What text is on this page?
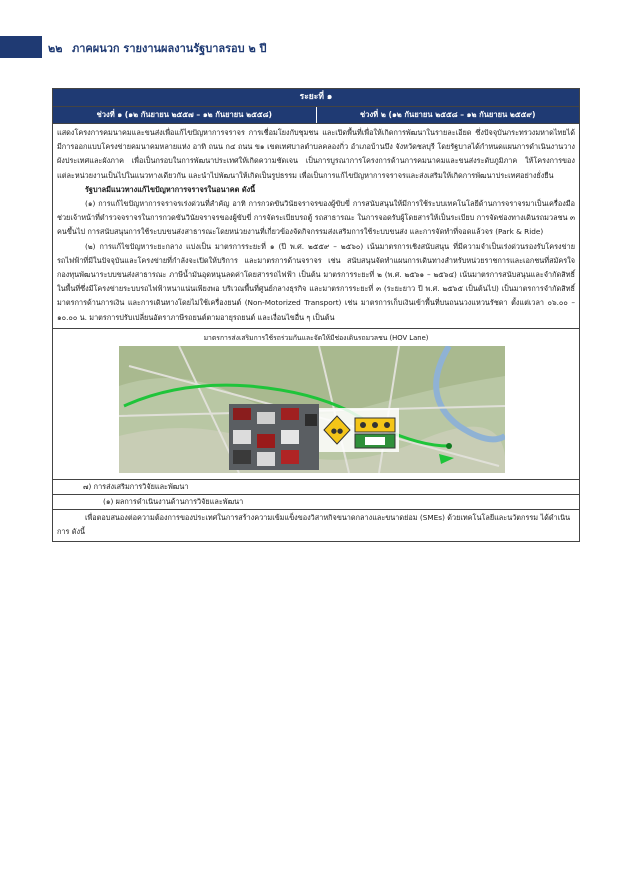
๒๒ ภาคผนวก รายงานผลงานรัฐบาลรอบ ๒ ปี
ระยะที่ ๑
ช่วงที่ ๑ (๑๒ กันยายน ๒๕๕๗ – ๑๒ กันยายน ๒๕๕๘)	ช่วงที่ ๒ (๑๒ กันยายน ๒๕๕๘ – ๑๒ กันยายน ๒๕๕๙)

แสดงโครงการคมนาคมและขนส่งเพื่อแก้ไขปัญหาการจราจร การเชื่อมโยงกับชุมชน และเปิดพื้นที่เพื่อให้เกิดการพัฒนาในรายละเอียด ซึ่งปัจจุบันกระทรวงมหาดไทยได้มีการออกแบบโครงข่ายคมนาคมหลายแห่ง อาทิ ถนน ก๔ ถนน ข๑ เขตเทศบาลตำบลคลองกิ่ว อำเภอบ้านบึง จังหวัดชลบุรี โดยรัฐบาลได้กำหนดแผนการดำเนินงานวางผังประเทศและผังภาค เพื่อเป็นกรอบในการพัฒนาประเทศให้เกิดความชัดเจน เป็นการบูรณาการโครงการด้านการคมนาคมและขนส่งระดับภูมิภาค ให้โครงการของแต่ละหน่วยงานเป็นไปในแนวทางเดียวกัน และนำไปพัฒนาให้เกิดเป็นรูปธรรม เพื่อเป็นการแก้ไขปัญหาการจราจรและส่งเสริมให้เกิดการพัฒนาประเทศอย่างยั่งยืน

รัฐบาลมีแนวทางแก้ไขปัญหาการจราจรในอนาคต ดังนี้

(๑) การแก้ไขปัญหาการจราจรเร่งด่วนที่สำคัญ อาทิ การกวดขันวินัยจราจรของผู้ขับขี่ การสนับสนุนให้มีการใช้ระบบเทคโนโลยีด้านการจราจรมาเป็นเครื่องมือช่วยเจ้าหน้าที่ตำรวจจราจรในการกวดขันวินัยจราจรของผู้ขับขี่ การจัดระเบียบรถตู้ รถสาธารณะ ในการจอดรับผู้โดยสารให้เป็นระเบียบ การจัดช่องทางเดินรถมวลชน ๓ คนขึ้นไป การสนับสนุนการใช้ระบบขนส่งสาธารณะโดยหน่วยงานที่เกี่ยวข้องจัดกิจกรรมส่งเสริมการใช้ระบบขนส่ง และการจัดทำที่จอดแล้วจร (Park & Ride)

(๒) การแก้ไขปัญหาระยะกลาง แบ่งเป็น มาตรการระยะที่ ๑ (ปี พ.ศ. ๒๕๕๙ – ๒๕๖๐) เน้นมาตรการเชิงสนับสนุน ที่มีความจำเป็นเร่งด่วนรองรับโครงข่ายรถไฟฟ้าที่มีในปัจจุบันและโครงข่ายที่กำลังจะเปิดให้บริการ และมาตรการด้านจราจร เช่น สนับสนุนจัดทำแผนการเดินทางสำหรับหน่วยราชการและเอกชนที่สมัครใจ กองทุนพัฒนาระบบขนส่งสาธารณะ ภาษีน้ำมันอุดหนุนลดค่าโดยสารรถไฟฟ้า เป็นต้น มาตรการระยะที่ ๒ (พ.ศ. ๒๕๖๑ – ๒๕๖๔) เน้นมาตรการสนับสนุนและจำกัดสิทธิ์ในพื้นที่ซึ่งมีโครงข่ายระบบรถไฟฟ้าหนาแน่นเพียงพอ บริเวณพื้นที่ศูนย์กลางธุรกิจ และมาตรการระยะที่ ๓ (ระยะยาว ปี พ.ศ. ๒๕๖๕ เป็นต้นไป) เป็นมาตรการจำกัดสิทธิ์ มาตรการด้านการเงิน และการเดินทางโดยไม่ใช้เครื่องยนต์ (Non-Motorized Transport) เช่น มาตรการเก็บเงินเข้าพื้นที่บนถนนวงแหวนรัชดา ตั้งแต่เวลา ๐๖.๐๐ – ๑๐.๐๐ น. มาตรการปรับเปลี่ยนอัตราภาษีรถยนต์ตามอายุรถยนต์ และเงื่อนไขอื่น ๆ เป็นต้น

มาตรการส่งเสริมการใช้รถร่วมกันและจัดให้มีช่องเดินรถมวลชน (HOV Lane)
●●
๗) การส่งเสริมการวิจัยและพัฒนา
(๑) ผลการดำเนินงานด้านการวิจัยและพัฒนา

เพื่อตอบสนองต่อความต้องการของประเทศในการสร้างความเข้มแข็งของวิสาหกิจขนาดกลางและขนาดย่อม (SMEs) ด้วยเทคโนโลยีและนวัตกรรม ได้ดำเนินการ ดังนี้
